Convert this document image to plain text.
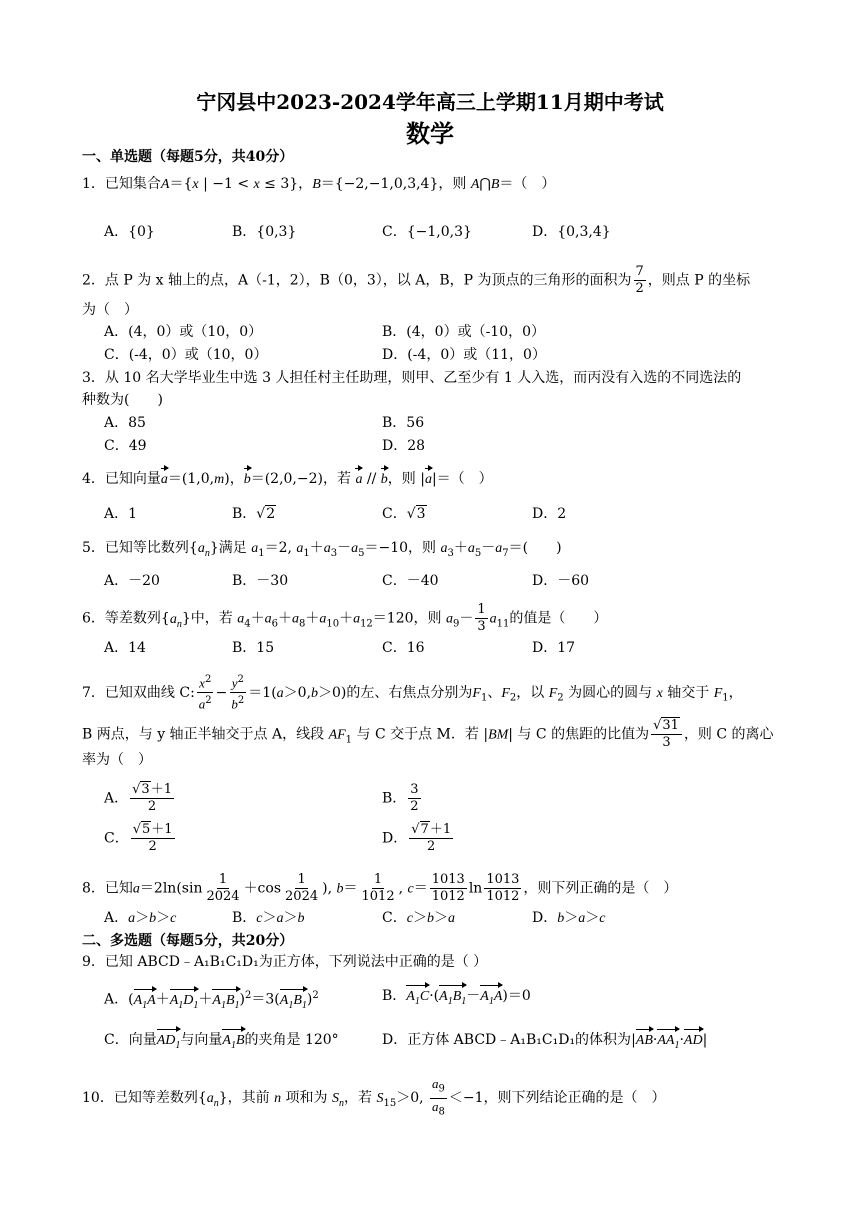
宁冈县中2023-2024学年高三上学期11月期中考试
数学
一、单选题（每题5分，共40分）
1．已知集合A＝{x | −1 < x ≤ 3}，B＝{−2,−1,0,3,4}，则 A⋂B＝（　）
A．{0}	B．{0,3}	C．{−1,0,3}	D．{0,3,4}
2．点 P 为 x 轴上的点，A（-1，2），B（0，3），以 A，B，P 为顶点的三角形的面积为 $\frac{7}{2}$ ，则点 P 的坐标
为（　）
A．(4，0）或（10，0）	B．(4，0）或（-10，0）
C．(-4，0）或（10，0）	D．(-4，0）或（11，0）
3．从 10 名大学毕业生中选 3 人担任村主任助理，则甲、乙至少有 1 人入选，而丙没有入选的不同选法的
种数为(　　)
A．85	B．56
C．49	D．28
4．已知向量a＝(1,0,m)，b＝(2,0,−2)，若 a // b，则 |a|＝（　）
A．1	B．√2	C．√3	D．2
5．已知等比数列$\{a_n\}$满足 $a_1=2$, $a_1+a_3-a_5=-10$，则 $a_3+a_5-a_7=$(　　)
A．－20	B．－30	C．－40	D．－60
6．等差数列$\{a_n\}$中，若 $a_4+a_6+a_8+a_{10}+a_{12}=120$，则 $a_9- \frac{1}{3} a_{11}$的值是（　　）
A．14	B．15	C．16	D．17
7．已知双曲线 C: $\frac{x^2}{a^2} - \frac{y^2}{b^2} =1(a>0,b>0)$的左、右焦点分别为$F_1$、$F_2$，以 $F_2$ 为圆心的圆与 x 轴交于 $F_1$，
B 两点，与 y 轴正半轴交于点 A，线段 $AF_1$ 与 C 交于点 M．若 |BM| 与 C 的焦距的比值为 $\frac{√31}{3}$ ，则 C 的离心
率为（　）
A． $\frac{√3+1}{2}$	B． $\frac{3}{2}$
C． $\frac{√5+1}{2}$	D． $\frac{√7+1}{2}$
8．已知$a=2\ln(\sin \frac{1}{2024} +\cos \frac{1}{2024}$ ), $b= \frac{1}{1012}$ , $c= \frac{1013}{1012}$ $\ln \frac{1013}{1012}$ ，则下列正确的是（　）
A．a＞b＞c	B．c＞a＞b	C．c＞b＞a	D．b＞a＞c
二、多选题（每题5分，共20分）
9．已知 ABCD﹣A₁B₁C₁D₁为正方体，下列说法中正确的是（ ）
A．$(A_1A+A_1D_1+A_1B_1)^2=3(A_1B_1)^2$	B．$A_1C\cdot(A_1B_1-A_1A)=0$
C．向量$AD_1$与向量$A_1B$的夹角是 120°	D．正方体 ABCD﹣A₁B₁C₁D₁的体积为$|AB\cdot AA_1\cdot AD|$
10．已知等差数列$\{a_n\}$，其前 n 项和为 $S_n$，若 $S_{15}>0$, $\frac{a_9}{a_8} <-1$，则下列结论正确的是（　）
